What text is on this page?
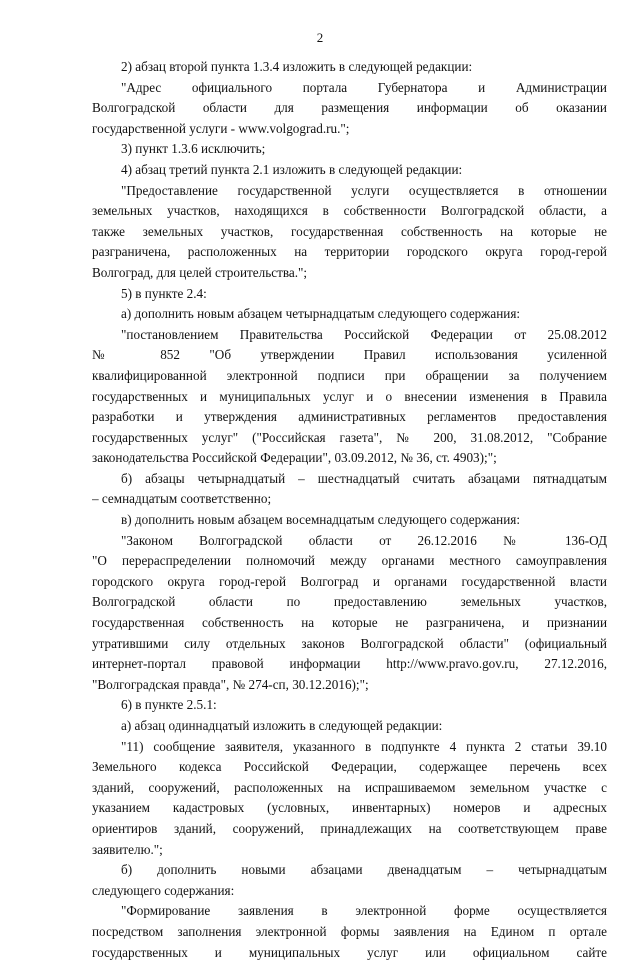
2
2) абзац второй пункта 1.3.4 изложить в следующей редакции:
"Адрес официального портала Губернатора и Администрации
Волгоградской области для размещения информации об оказании
государственной услуги - www.volgograd.ru.";
3) пункт 1.3.6 исключить;
4) абзац третий пункта 2.1 изложить в следующей редакции:
"Предоставление государственной услуги осуществляется в отношении
земельных участков, находящихся в собственности Волгоградской области, а
также земельных участков, государственная собственность на которые не
разграничена, расположенных на территории городского округа город-герой
Волгоград, для целей строительства.";
5) в пункте 2.4:
а) дополнить новым абзацем четырнадцатым следующего содержания:
"постановлением Правительства Российской Федерации от 25.08.2012
№ 852 "Об утверждении Правил использования усиленной
квалифицированной электронной подписи при обращении за получением
государственных и муниципальных услуг и о внесении изменения в Правила
разработки и утверждения административных регламентов предоставления
государственных услуг" ("Российская газета", № 200, 31.08.2012, "Собрание
законодательства Российской Федерации", 03.09.2012, № 36, ст. 4903);";
б) абзацы четырнадцатый – шестнадцатый считать абзацами пятнадцатым
– семнадцатым соответственно;
в) дополнить новым абзацем восемнадцатым следующего содержания:
"Законом Волгоградской области от 26.12.2016 № 136-ОД
"О перераспределении полномочий между органами местного самоуправления
городского округа город-герой Волгоград и органами государственной власти
Волгоградской области по предоставлению земельных участков,
государственная собственность на которые не разграничена, и признании
утратившими силу отдельных законов Волгоградской области" (официальный
интернет-портал правовой информации http://www.pravo.gov.ru, 27.12.2016,
"Волгоградская правда", № 274-сп, 30.12.2016);";
6) в пункте 2.5.1:
а) абзац одиннадцатый изложить в следующей редакции:
"11) сообщение заявителя, указанного в подпункте 4 пункта 2 статьи 39.10
Земельного кодекса Российской Федерации, содержащее перечень всех
зданий, сооружений, расположенных на испрашиваемом земельном участке с
указанием кадастровых (условных, инвентарных) номеров и адресных
ориентиров зданий, сооружений, принадлежащих на соответствующем праве
заявителю.";
б) дополнить новыми абзацами двенадцатым – четырнадцатым
следующего содержания:
"Формирование заявления в электронной форме осуществляется
посредством заполнения электронной формы заявления на Едином п ортале
государственных и муниципальных услуг или официальном сайте
